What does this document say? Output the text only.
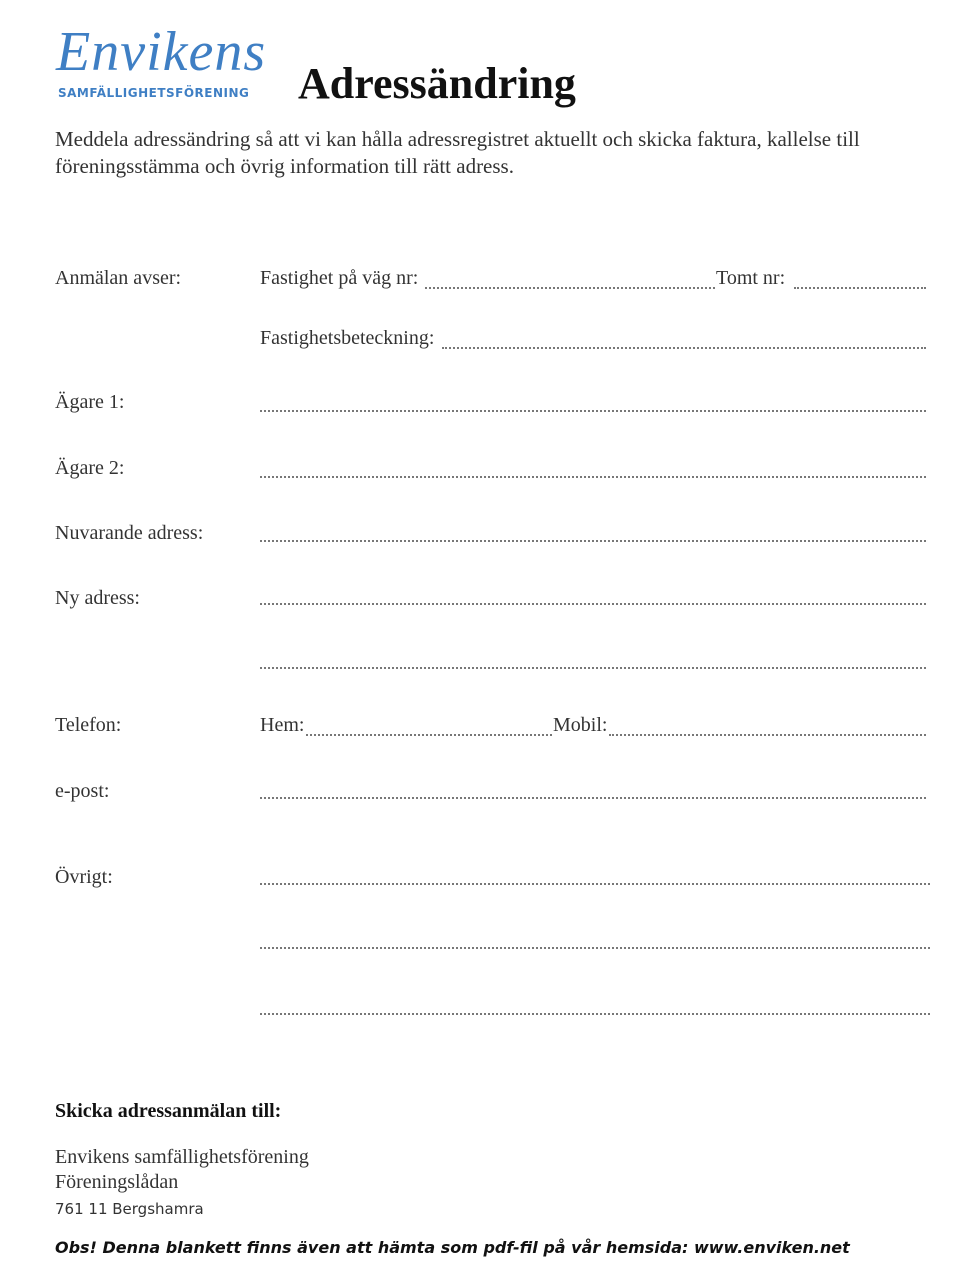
Envikens
SAMFÄLLIGHETSFÖRENING Adressändring

Meddela adressändring så att vi kan hålla adressregistret aktuellt och skicka faktura, kallelse till föreningsstämma och övrig information till rätt adress.

Anmälan avser:	Fastighet på väg nr:	Tomt nr:
Fastighetsbeteckning:
Ägare 1:
Ägare 2:
Nuvarande adress:
Ny adress:
Telefon:	Hem:	Mobil:
e-post:
Övrigt:
Skicka adressanmälan till:
Envikens samfällighetsförening
Föreningslådan
761 11 Bergshamra
Obs! Denna blankett finns även att hämta som pdf-fil på vår hemsida: www.enviken.net
